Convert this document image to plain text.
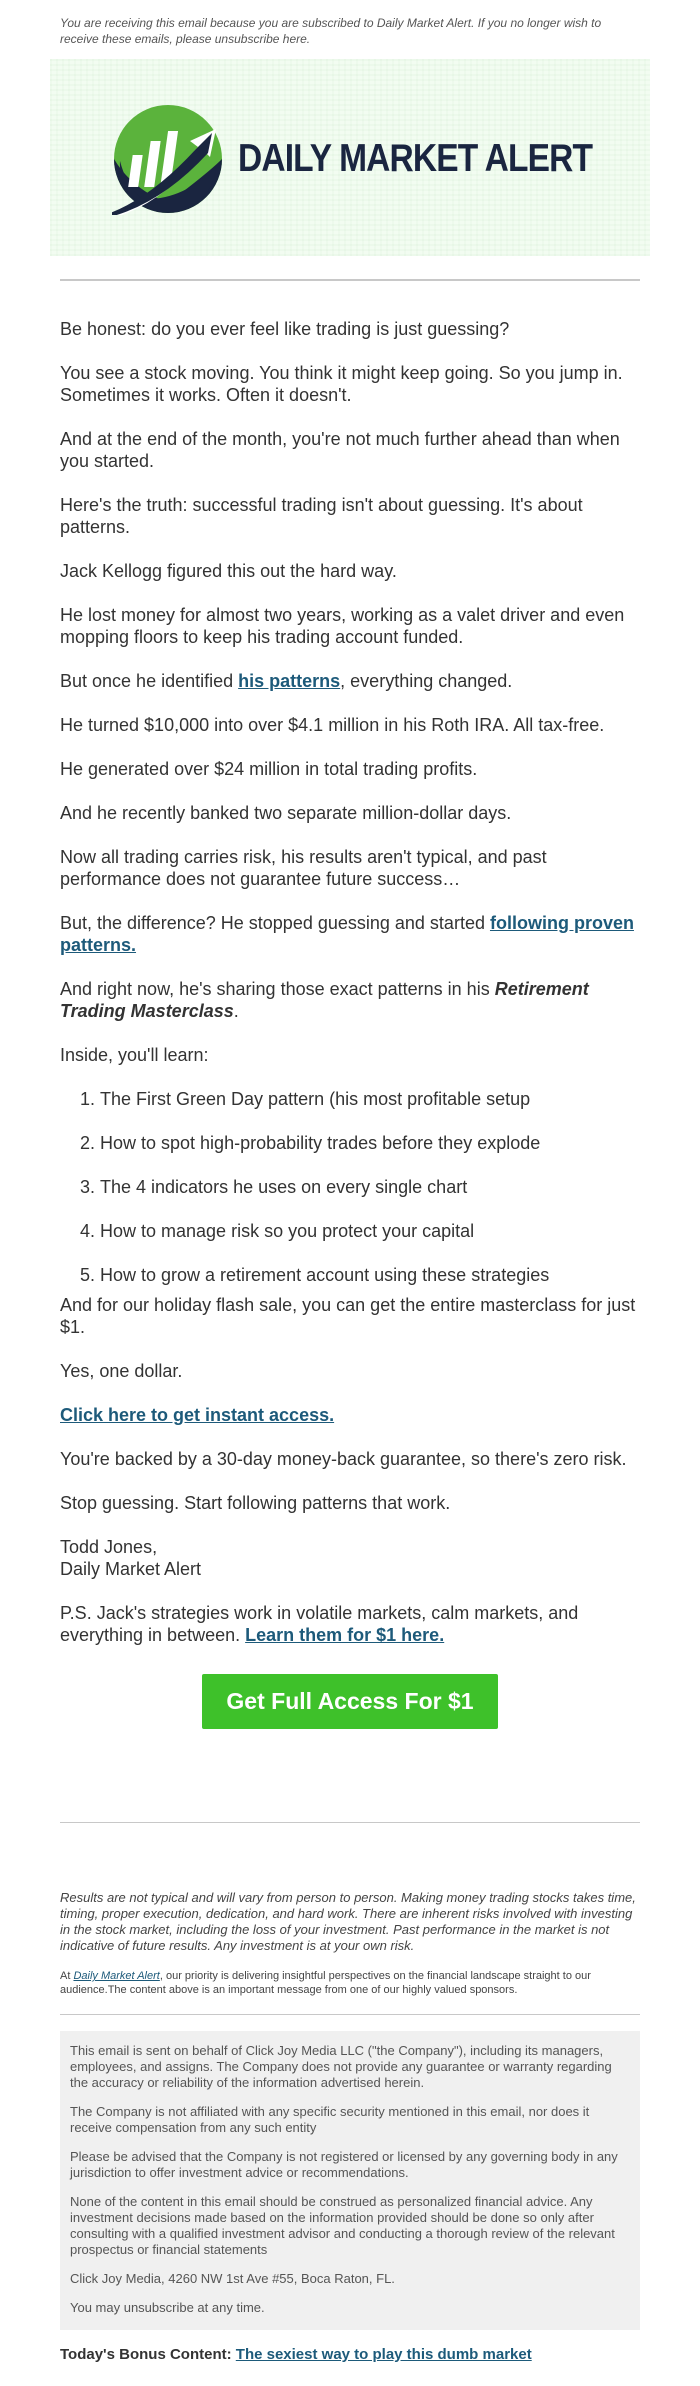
You are receiving this email because you are subscribed to Daily Market Alert. If you no longer wish to receive these emails, please unsubscribe here.
DAILY MARKET ALERT

Be honest: do you ever feel like trading is just guessing?

You see a stock moving. You think it might keep going. So you jump in. Sometimes it works. Often it doesn't.

And at the end of the month, you're not much further ahead than when you started.

Here's the truth: successful trading isn't about guessing. It's about patterns.

Jack Kellogg figured this out the hard way.

He lost money for almost two years, working as a valet driver and even mopping floors to keep his trading account funded.

But once he identified his patterns, everything changed.

He turned $10,000 into over $4.1 million in his Roth IRA. All tax-free.

He generated over $24 million in total trading profits.

And he recently banked two separate million-dollar days.

Now all trading carries risk, his results aren't typical, and past performance does not guarantee future success…

But, the difference? He stopped guessing and started following proven patterns.

And right now, he's sharing those exact patterns in his Retirement Trading Masterclass.

Inside, you'll learn:

1. The First Green Day pattern (his most profitable setup
2. How to spot high-probability trades before they explode
3. The 4 indicators he uses on every single chart
4. How to manage risk so you protect your capital
5. How to grow a retirement account using these strategies

And for our holiday flash sale, you can get the entire masterclass for just $1.

Yes, one dollar.

Click here to get instant access.

You're backed by a 30-day money-back guarantee, so there's zero risk.

Stop guessing. Start following patterns that work.

Todd Jones,
Daily Market Alert

P.S. Jack's strategies work in volatile markets, calm markets, and everything in between. Learn them for $1 here.

Get Full Access For $1 >
Results are not typical and will vary from person to person. Making money trading stocks takes time, timing, proper execution, dedication, and hard work. There are inherent risks involved with investing in the stock market, including the loss of your investment. Past performance in the market is not indicative of future results. Any investment is at your own risk.
At Daily Market Alert, our priority is delivering insightful perspectives on the financial landscape straight to our audience.The content above is an important message from one of our highly valued sponsors.

This email is sent on behalf of Click Joy Media LLC ("the Company"), including its managers, employees, and assigns. The Company does not provide any guarantee or warranty regarding the accuracy or reliability of the information advertised herein.

The Company is not affiliated with any specific security mentioned in this email, nor does it receive compensation from any such entity

Please be advised that the Company is not registered or licensed by any governing body in any jurisdiction to offer investment advice or recommendations.

None of the content in this email should be construed as personalized financial advice. Any investment decisions made based on the information provided should be done so only after consulting with a qualified investment advisor and conducting a thorough review of the relevant prospectus or financial statements

Click Joy Media, 4260 NW 1st Ave #55, Boca Raton, FL.

You may unsubscribe at any time.

Today's Bonus Content: The sexiest way to play this dumb market
